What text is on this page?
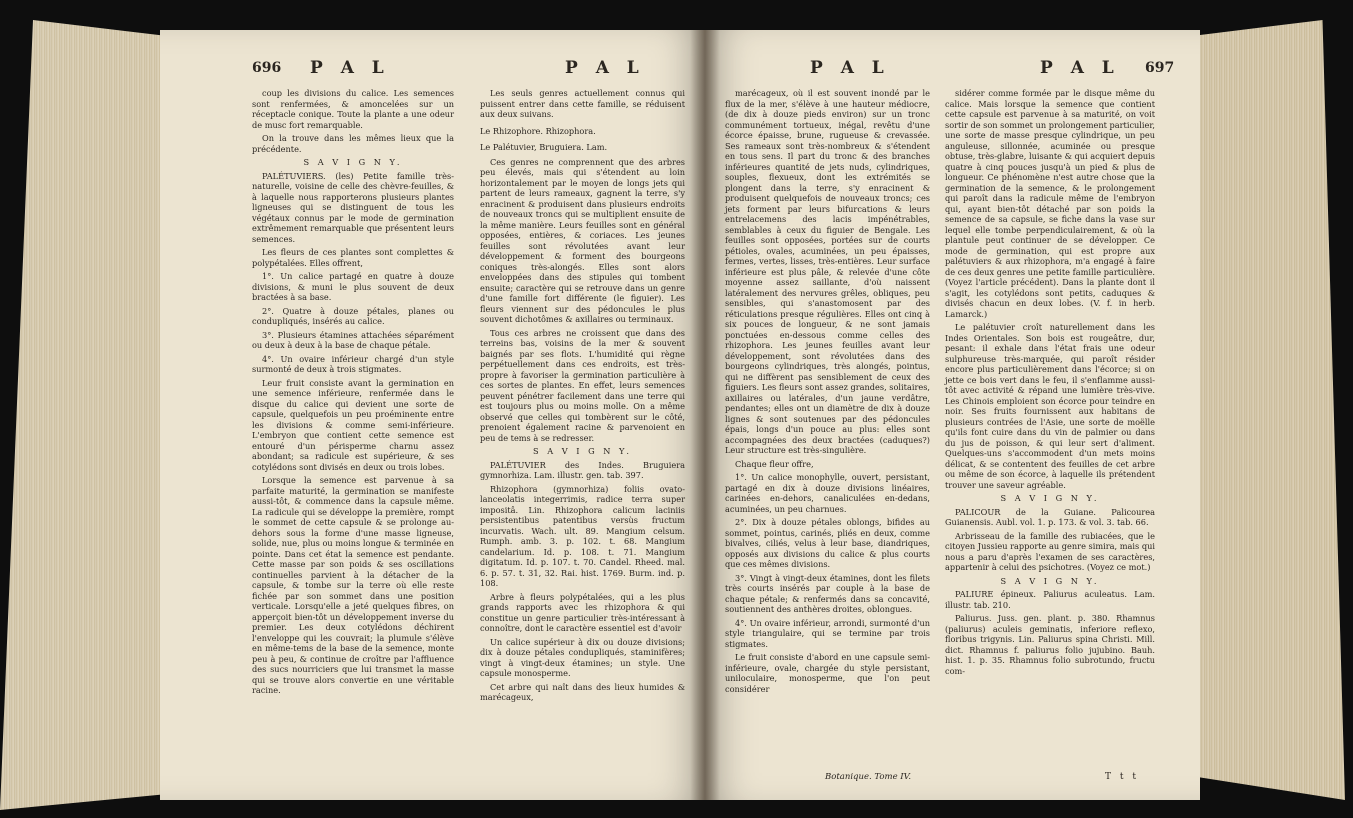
696 P A L	P A L

coup les divisions du calice. Les semences sont renfermées, & amoncelées sur un réceptacle conique. Toute la plante a une odeur de musc fort remarquable.

On la trouve dans les mêmes lieux que la précédente.

S A V I G N Y.

PALÉTUVIERS. (les) Petite famille très-naturelle, voisine de celle des chèvre-feuilles, & à laquelle nous rapporterons plusieurs plantes ligneuses qui se distinguent de tous les végétaux connus par le mode de germination extrêmement remarquable que présentent leurs semences.

Les fleurs de ces plantes sont complettes & polypétalées. Elles offrent,

1°. Un calice partagé en quatre à douze divisions, & muni le plus souvent de deux bractées à sa base.

2°. Quatre à douze pétales, planes ou condupliqués, insérés au calice.

3°. Plusieurs étamines attachées séparément ou deux à deux à la base de chaque pétale.

4°. Un ovaire inférieur chargé d'un style surmonté de deux à trois stigmates.

Leur fruit consiste avant la germination en une semence inférieure, renfermée dans le disque du calice qui devient une sorte de capsule, quelquefois un peu proéminente entre les divisions & comme semi-inférieure. L'embryon que contient cette semence est entouré d'un périsperme charnu assez abondant; sa radicule est supérieure, & ses cotylédons sont divisés en deux ou trois lobes.

Lorsque la semence est parvenue à sa parfaite maturité, la germination se manifeste aussi-tôt, & commence dans la capsule même. La radicule qui se développe la première, rompt le sommet de cette capsule & se prolonge au-dehors sous la forme d'une masse ligneuse, solide, nue, plus ou moins longue & terminée en pointe. Dans cet état la semence est pendante. Cette masse par son poids & ses oscillations continuelles parvient à la détacher de la capsule, & tombe sur la terre où elle reste fichée par son sommet dans une position verticale. Lorsqu'elle a jeté quelques fibres, on apperçoit bien-tôt un développement inverse du premier. Les deux cotylédons déchirent l'enveloppe qui les couvrait; la plumule s'élève en même-tems de la base de la semence, monte peu à peu, & continue de croître par l'affluence des sucs nourriciers que lui transmet la masse qui se trouve alors convertie en une véritable racine.

Les seuls genres actuellement connus qui puissent entrer dans cette famille, se réduisent aux deux suivans.

Le Rhizophore. Rhizophora.

Le Palétuvier, Bruguiera. Lam.

Ces genres ne comprennent que des arbres peu élevés, mais qui s'étendent au loin horizontalement par le moyen de longs jets qui partent de leurs rameaux, gagnent la terre, s'y enracinent & produisent dans plusieurs endroits de nouveaux troncs qui se multiplient ensuite de la même manière. Leurs feuilles sont en général opposées, entières, & coriaces. Les jeunes feuilles sont révolutées avant leur développement & forment des bourgeons coniques très-alongés. Elles sont alors enveloppées dans des stipules qui tombent ensuite; caractère qui se retrouve dans un genre d'une famille fort différente (le figuier). Les fleurs viennent sur des pédoncules le plus souvent dichotômes & axillaires ou terminaux.

Tous ces arbres ne croissent que dans des terreins bas, voisins de la mer & souvent baignés par ses flots. L'humidité qui règne perpétuellement dans ces endroits, est très-propre à favoriser la germination particulière à ces sortes de plantes. En effet, leurs semences peuvent pénétrer facilement dans une terre qui est toujours plus ou moins molle. On a même observé que celles qui tombèrent sur le côté, prenoient également racine & parvenoient en peu de tems à se redresser.

S A V I G N Y.

PALÉTUVIER des Indes. Bruguiera gymnorhiza. Lam. illustr. gen. tab. 397.

Rhizophora (gymnorhiza) foliis ovato-lanceolatis integerrimis, radice terra super impositâ. Lin. Rhizophora calicum laciniis persistentibus patentibus versùs fructum incurvatis. Wach. ult. 89. Mangium celsum. Rumph. amb. 3. p. 102. t. 68. Mangium candelarium. Id. p. 108. t. 71. Mangium digitatum. Id. p. 107. t. 70. Candel. Rheed. mal. 6. p. 57. t. 31, 32. Rai. hist. 1769. Burm. ind. p. 108.

Arbre à fleurs polypétalées, qui a les plus grands rapports avec les rhizophora & qui constitue un genre particulier très-intéressant à connoître, dont le caractère essentiel est d'avoir

Un calice supérieur à dix ou douze divisions; dix à douze pétales condupliqués, staminifères; vingt à vingt-deux étamines; un style. Une capsule monosperme.

Cet arbre qui naît dans des lieux humides & marécageux,

P A L	P A L 697

marécageux, où il est souvent inondé par le flux de la mer, s'élève à une hauteur médiocre, (de dix à douze pieds environ) sur un tronc communément tortueux, inégal, revêtu d'une écorce épaisse, brune, rugueuse & crevassée. Ses rameaux sont très-nombreux & s'étendent en tous sens. Il part du tronc & des branches inférieures quantité de jets nuds, cylindriques, souples, flexueux, dont les extrémités se plongent dans la terre, s'y enracinent & produisent quelquefois de nouveaux troncs; ces jets forment par leurs bifurcations & leurs entrelacemens des lacis impénétrables, semblables à ceux du figuier de Bengale. Les feuilles sont opposées, portées sur de courts pétioles, ovales, acuminées, un peu épaisses, fermes, vertes, lisses, très-entières. Leur surface inférieure est plus pâle, & relevée d'une côte moyenne assez saillante, d'où naissent latéralement des nervures grêles, obliques, peu sensibles, qui s'anastomosent par des réticulations presque régulières. Elles ont cinq à six pouces de longueur, & ne sont jamais ponctuées en-dessous comme celles des rhizophora. Les jeunes feuilles avant leur développement, sont révolutées dans des bourgeons cylindriques, très alongés, pointus, qui ne diffèrent pas sensiblement de ceux des figuiers. Les fleurs sont assez grandes, solitaires, axillaires ou latérales, d'un jaune verdâtre, pendantes; elles ont un diamètre de dix à douze lignes & sont soutenues par des pédoncules épais, longs d'un pouce au plus: elles sont accompagnées des deux bractées (caduques?) Leur structure est très-singulière.

Chaque fleur offre,

1°. Un calice monophylle, ouvert, persistant, partagé en dix à douze divisions linéaires, carinées en-dehors, canaliculées en-dedans, acuminées, un peu charnues.

2°. Dix à douze pétales oblongs, bifides au sommet, pointus, carinés, pliés en deux, comme bivalves, ciliés, velus à leur base, diandriques, opposés aux divisions du calice & plus courts que ces mêmes divisions.

3°. Vingt à vingt-deux étamines, dont les filets très courts insérés par couple à la base de chaque pétale; & renfermés dans sa concavité, soutiennent des anthères droites, oblongues.

4°. Un ovaire inférieur, arrondi, surmonté d'un style triangulaire, qui se termine par trois stigmates.

Le fruit consiste d'abord en une capsule semi-inférieure, ovale, chargée du style persistant, uniloculaire, monosperme, que l'on peut considérer

sidérer comme formée par le disque même du calice. Mais lorsque la semence que contient cette capsule est parvenue à sa maturité, on voit sortir de son sommet un prolongement particulier, une sorte de masse presque cylindrique, un peu anguleuse, sillonnée, acuminée ou presque obtuse, très-glabre, luisante & qui acquiert depuis quatre à cinq pouces jusqu'à un pied & plus de longueur. Ce phénomène n'est autre chose que la germination de la semence, & le prolongement qui paroît dans la radicule même de l'embryon qui, ayant bien-tôt détaché par son poids la semence de sa capsule, se fiche dans la vase sur lequel elle tombe perpendiculairement, & où la plantule peut continuer de se développer. Ce mode de germination, qui est propre aux palétuviers & aux rhizophora, m'a engagé à faire de ces deux genres une petite famille particulière. (Voyez l'article précédent). Dans la plante dont il s'agit, les cotylédons sont petits, caduques & divisés chacun en deux lobes. (V. f. in herb. Lamarck.)

Le palétuvier croît naturellement dans les Indes Orientales. Son bois est rougeâtre, dur, pesant: il exhale dans l'état frais une odeur sulphureuse très-marquée, qui paroît résider encore plus particulièrement dans l'écorce; si on jette ce bois vert dans le feu, il s'enflamme aussi-tôt avec activité & répand une lumière très-vive. Les Chinois emploient son écorce pour teindre en noir. Ses fruits fournissent aux habitans de plusieurs contrées de l'Asie, une sorte de moëlle qu'ils font cuire dans du vin de palmier ou dans du jus de poisson, & qui leur sert d'aliment. Quelques-uns s'accommodent d'un mets moins délicat, & se contentent des feuilles de cet arbre ou même de son écorce, à laquelle ils prétendent trouver une saveur agréable.

S A V I G N Y.

PALICOUR de la Guiane. Palicourea Guianensis. Aubl. vol. 1. p. 173. & vol. 3. tab. 66.

Arbrisseau de la famille des rubiacées, que le citoyen Jussieu rapporte au genre simira, mais qui nous a paru d'après l'examen de ses caractères, appartenir à celui des psichotres. (Voyez ce mot.)

S A V I G N Y.

PALIURE épineux. Paliurus aculeatus. Lam. illustr. tab. 210.

Paliurus. Juss. gen. plant. p. 380. Rhamnus (paliurus) aculeis geminatis, inferiore reflexo, floribus trigynis. Lin. Paliurus spina Christi. Mill. dict. Rhamnus f. paliurus folio jujubino. Bauh. hist. 1. p. 35. Rhamnus folio subrotundo, fructu com-

Botanique. Tome IV.	T t t
